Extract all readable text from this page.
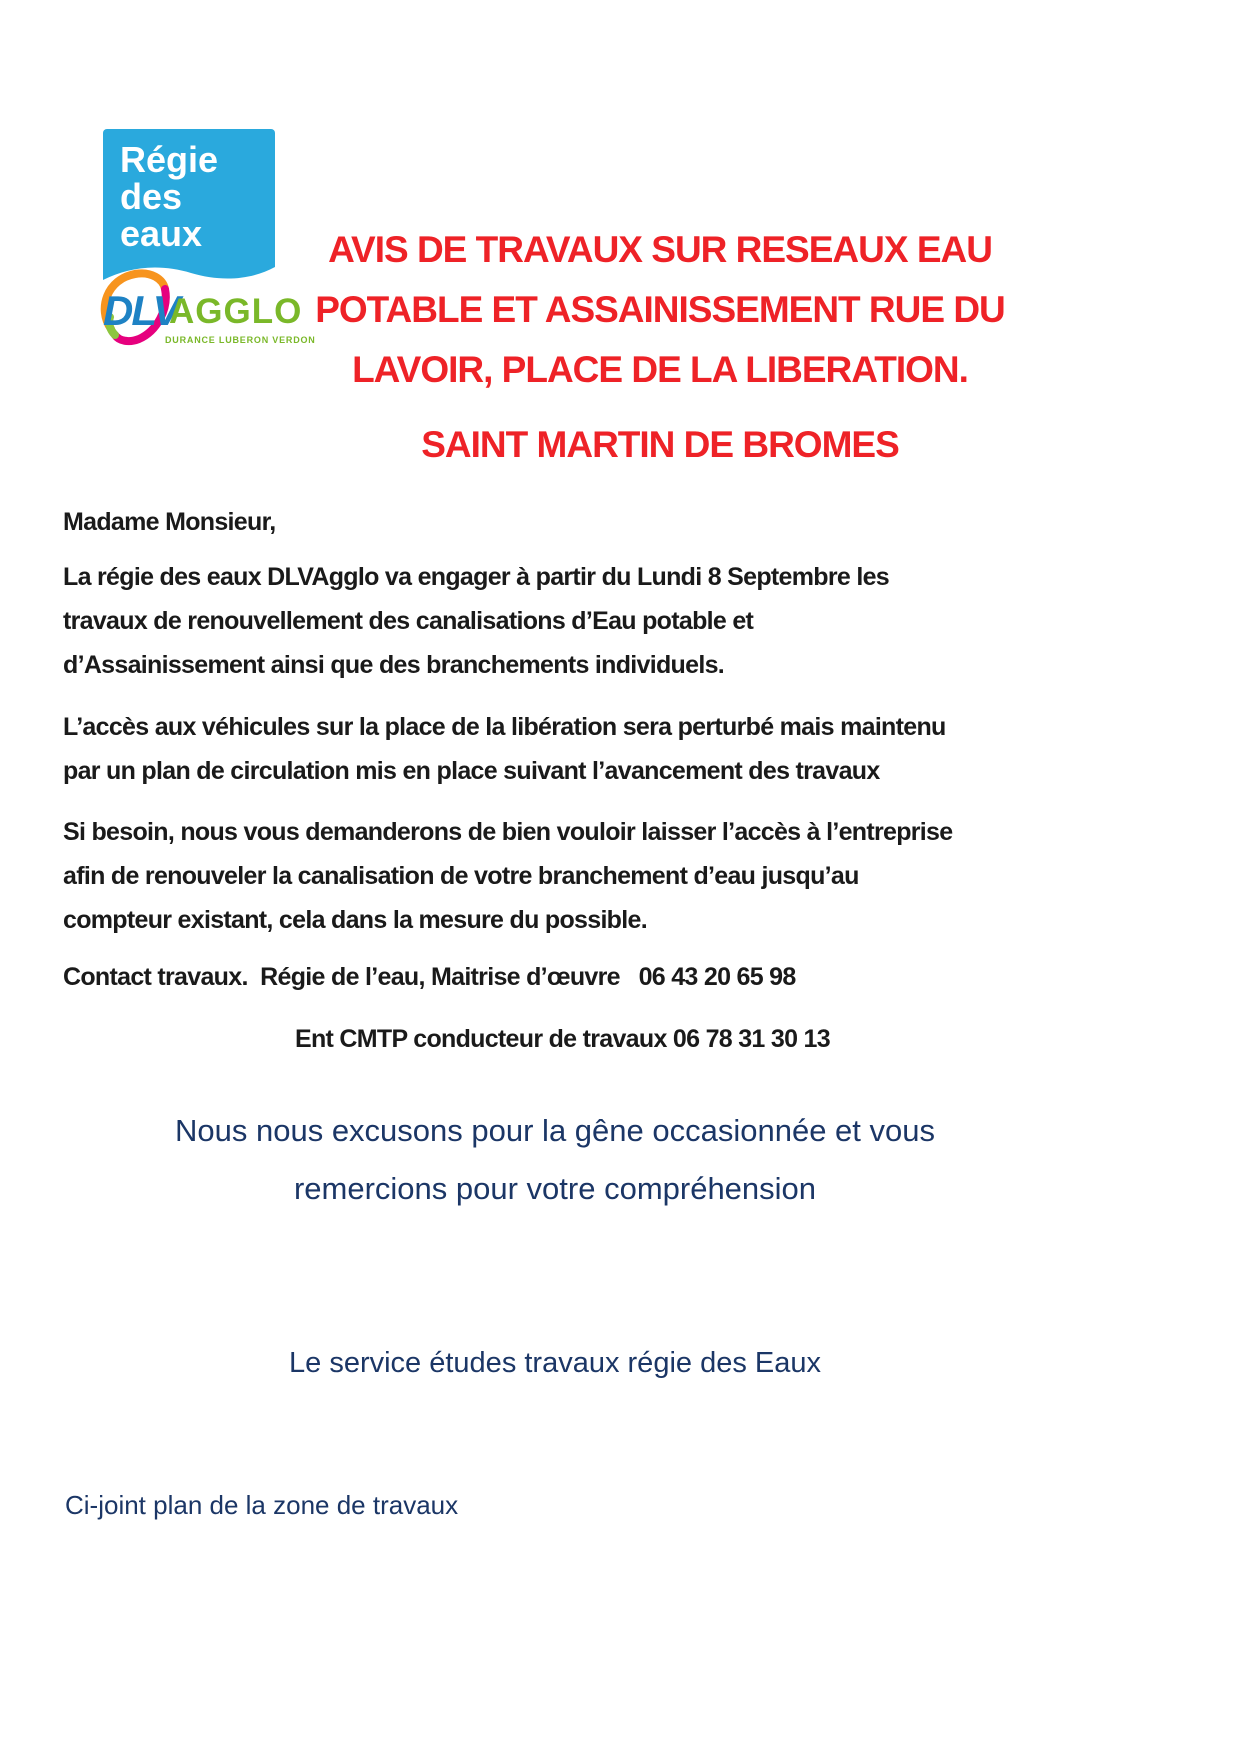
Régie
des
eaux
DLV
AGGLO
DURANCE LUBERON VERDON
AVIS DE TRAVAUX SUR RESEAUX EAU
POTABLE ET ASSAINISSEMENT RUE DU
LAVOIR, PLACE DE LA LIBERATION.
SAINT MARTIN DE BROMES
Madame Monsieur,
La régie des eaux DLVAgglo va engager à partir du Lundi 8 Septembre les
travaux de renouvellement des canalisations d’Eau potable et
d’Assainissement ainsi que des branchements individuels.
L’accès aux véhicules sur la place de la libération sera perturbé mais maintenu
par un plan de circulation mis en place suivant l’avancement des travaux
Si besoin, nous vous demanderons de bien vouloir laisser l’accès à l’entreprise
afin de renouveler la canalisation de votre branchement d’eau jusqu’au
compteur existant, cela dans la mesure du possible.
Contact travaux.  Régie de l’eau, Maitrise d’œuvre   06 43 20 65 98
Ent CMTP conducteur de travaux 06 78 31 30 13
Nous nous excusons pour la gêne occasionnée et vous
remercions pour votre compréhension
Le service études travaux régie des Eaux
Ci-joint plan de la zone de travaux
